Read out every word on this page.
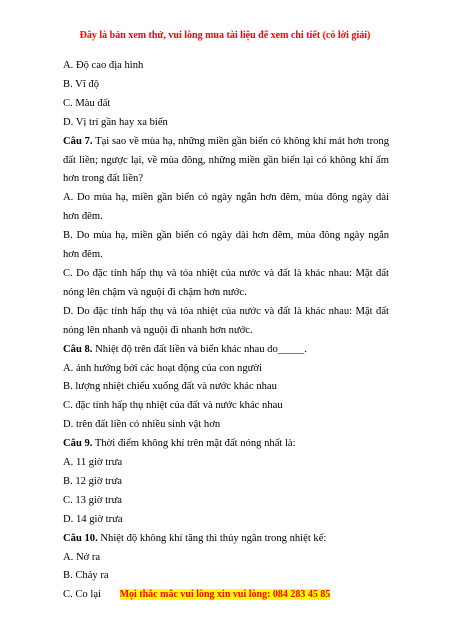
Đây là bản xem thử, vui lòng mua tài liệu để xem chi tiết (có lời giải)
A. Độ cao địa hình
B. Vĩ độ
C. Màu đất
D. Vị trí gần hay xa biển
Câu 7. Tại sao về mùa hạ, những miền gần biển có không khí mát hơn trong đất liền; ngược lại, về mùa đông, những miền gần biển lại có không khí ấm hơn trong đất liền?
A. Do mùa hạ, miền gần biển có ngày ngắn hơn đêm, mùa đông ngày dài hơn đêm.
B. Do mùa hạ, miền gần biển có ngày dài hơn đêm, mùa đông ngày ngắn hơn đêm.
C. Do đặc tính hấp thụ và tỏa nhiệt của nước và đất là khác nhau: Mặt đất nóng lên chậm và nguội đi chậm hơn nước.
D. Do đặc tính hấp thụ và tỏa nhiệt của nước và đất là khác nhau: Mặt đất nóng lên nhanh và nguội đi nhanh hơn nước.
Câu 8. Nhiệt độ trên đất liền và biển khác nhau do_____.
A. ảnh hưởng bởi các hoạt động của con người
B. lượng nhiệt chiếu xuống đất và nước khác nhau
C. đặc tính hấp thụ nhiệt của đất và nước khác nhau
D. trên đất liền có nhiều sinh vật hơn
Câu 9. Thời điểm không khí trên mặt đất nóng nhất là:
A. 11 giờ trưa
B. 12 giờ trưa
C. 13 giờ trưa
D. 14 giờ trưa
Câu 10. Nhiệt độ không khí tăng thì thủy ngân trong nhiệt kế:
A. Nở ra
B. Chảy ra
C. Co lại	Mọi thắc mắc vui lòng xin vui lòng: 084 283 45 85
